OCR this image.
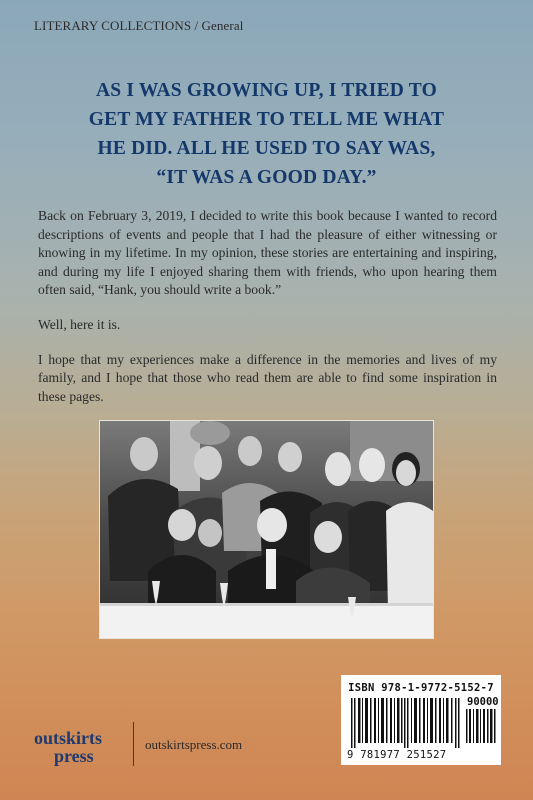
LITERARY COLLECTIONS / General
AS I WAS GROWING UP, I TRIED TO
GET MY FATHER TO TELL ME WHAT
HE DID. ALL HE USED TO SAY WAS,
“IT WAS A GOOD DAY.”

Back on February 3, 2019, I decided to write this book because I wanted to record descriptions of events and people that I had the pleasure of either witnessing or knowing in my lifetime. In my opinion, these stories are entertaining and inspiring, and during my life I enjoyed sharing them with friends, who upon hearing them often said, “Hank, you should write a book.”

Well, here it is.

I hope that my experiences make a difference in the memories and lives of my family, and I hope that those who read them are able to find some inspiration in these pages.

ISBN 978-1-9772-5152-7
90000
9 781977 251527
outskirts
press
outskirtspress.com
